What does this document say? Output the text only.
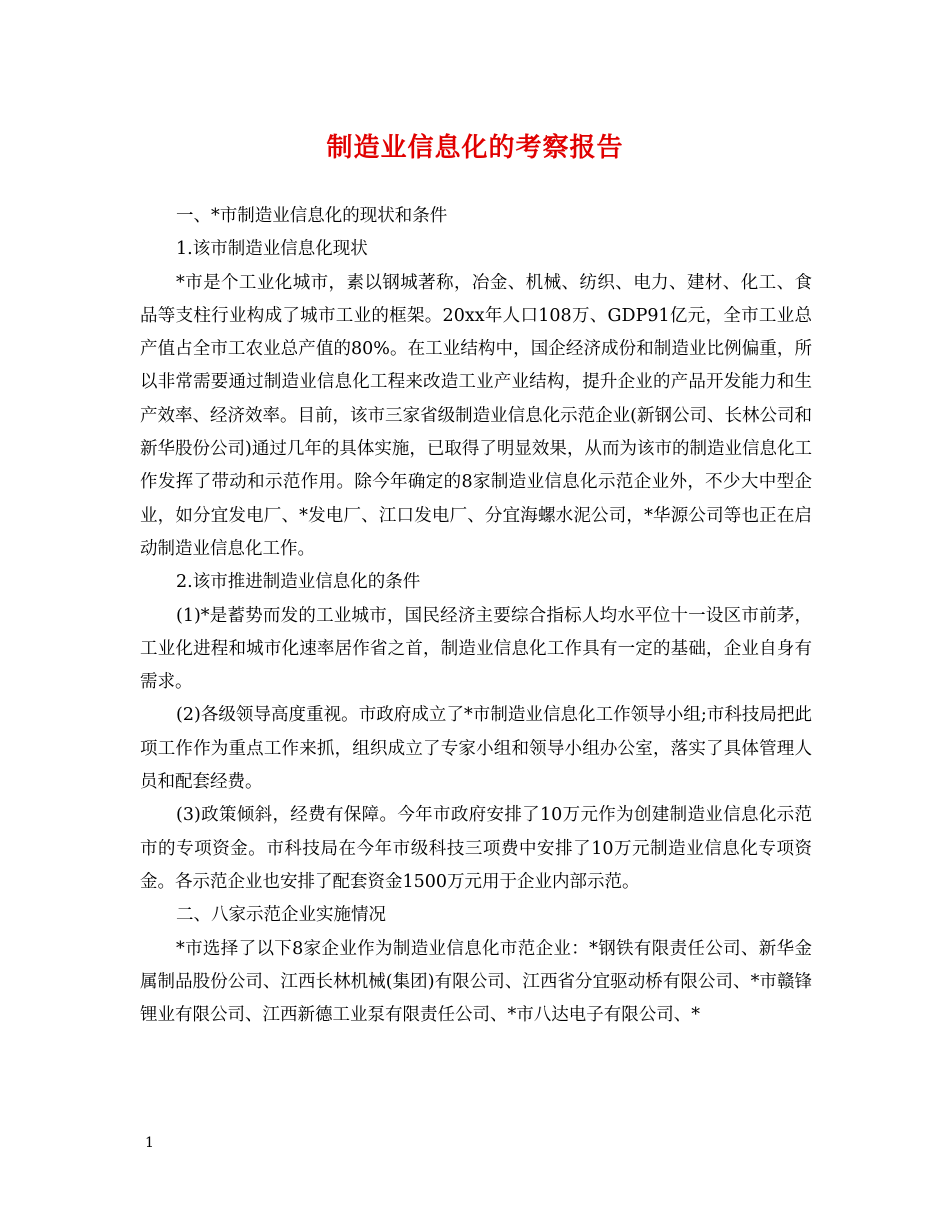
制造业信息化的考察报告

一、*市制造业信息化的现状和条件

1.该市制造业信息化现状

*市是个工业化城市，素以钢城著称，冶金、机械、纺织、电力、建材、化工、食品等支柱行业构成了城市工业的框架。20xx年人口108万、GDP91亿元，全市工业总产值占全市工农业总产值的80%。在工业结构中，国企经济成份和制造业比例偏重，所以非常需要通过制造业信息化工程来改造工业产业结构，提升企业的产品开发能力和生产效率、经济效率。目前，该市三家省级制造业信息化示范企业(新钢公司、长林公司和新华股份公司)通过几年的具体实施，已取得了明显效果，从而为该市的制造业信息化工作发挥了带动和示范作用。除今年确定的8家制造业信息化示范企业外，不少大中型企业，如分宜发电厂、*发电厂、江口发电厂、分宜海螺水泥公司，*华源公司等也正在启动制造业信息化工作。

2.该市推进制造业信息化的条件

(1)*是蓄势而发的工业城市，国民经济主要综合指标人均水平位十一设区市前茅，工业化进程和城市化速率居作省之首，制造业信息化工作具有一定的基础，企业自身有需求。

(2)各级领导高度重视。市政府成立了*市制造业信息化工作领导小组;市科技局把此项工作作为重点工作来抓，组织成立了专家小组和领导小组办公室，落实了具体管理人员和配套经费。

(3)政策倾斜，经费有保障。今年市政府安排了10万元作为创建制造业信息化示范市的专项资金。市科技局在今年市级科技三项费中安排了10万元制造业信息化专项资金。各示范企业也安排了配套资金1500万元用于企业内部示范。

二、八家示范企业实施情况

*市选择了以下8家企业作为制造业信息化市范企业：*钢铁有限责任公司、新华金属制品股份公司、江西长林机械(集团)有限公司、江西省分宜驱动桥有限公司、*市赣锋锂业有限公司、江西新德工业泵有限责任公司、*市八达电子有限公司、*

1
